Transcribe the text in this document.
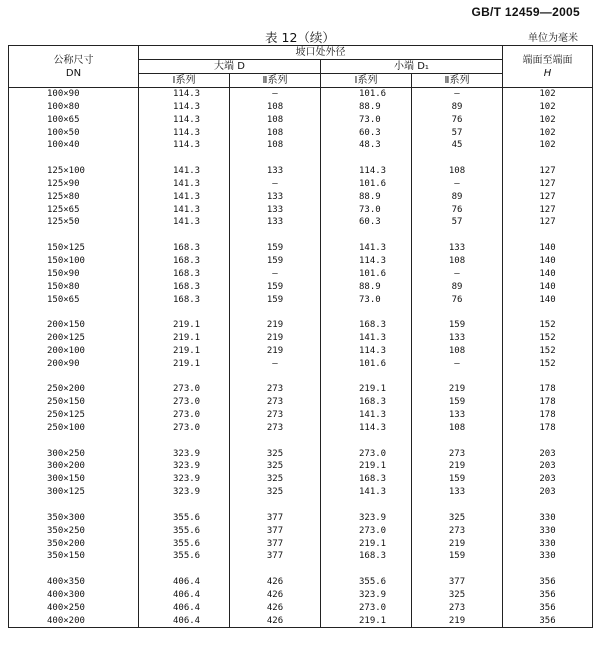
GB/T 12459—2005
表 12（续）	单位为毫米
公称尺寸
DN	坡口处外径				端面至端面
H

	大端 D		小端 D₁		
	Ⅰ系列	Ⅱ系列	Ⅰ系列	Ⅱ系列	
100×90	114.3	—	101.6	—	102
100×80	114.3	108	88.9	89	102
100×65	114.3	108	73.0	76	102
100×50	114.3	108	60.3	57	102
100×40	114.3	108	48.3	45	102

125×100	141.3	133	114.3	108	127
125×90	141.3	—	101.6	—	127
125×80	141.3	133	88.9	89	127
125×65	141.3	133	73.0	76	127
125×50	141.3	133	60.3	57	127

150×125	168.3	159	141.3	133	140
150×100	168.3	159	114.3	108	140
150×90	168.3	—	101.6	—	140
150×80	168.3	159	88.9	89	140
150×65	168.3	159	73.0	76	140

200×150	219.1	219	168.3	159	152
200×125	219.1	219	141.3	133	152
200×100	219.1	219	114.3	108	152
200×90	219.1	—	101.6	—	152

250×200	273.0	273	219.1	219	178
250×150	273.0	273	168.3	159	178
250×125	273.0	273	141.3	133	178
250×100	273.0	273	114.3	108	178

300×250	323.9	325	273.0	273	203
300×200	323.9	325	219.1	219	203
300×150	323.9	325	168.3	159	203
300×125	323.9	325	141.3	133	203

350×300	355.6	377	323.9	325	330
350×250	355.6	377	273.0	273	330
350×200	355.6	377	219.1	219	330
350×150	355.6	377	168.3	159	330

400×350	406.4	426	355.6	377	356
400×300	406.4	426	323.9	325	356
400×250	406.4	426	273.0	273	356
400×200	406.4	426	219.1	219	356
